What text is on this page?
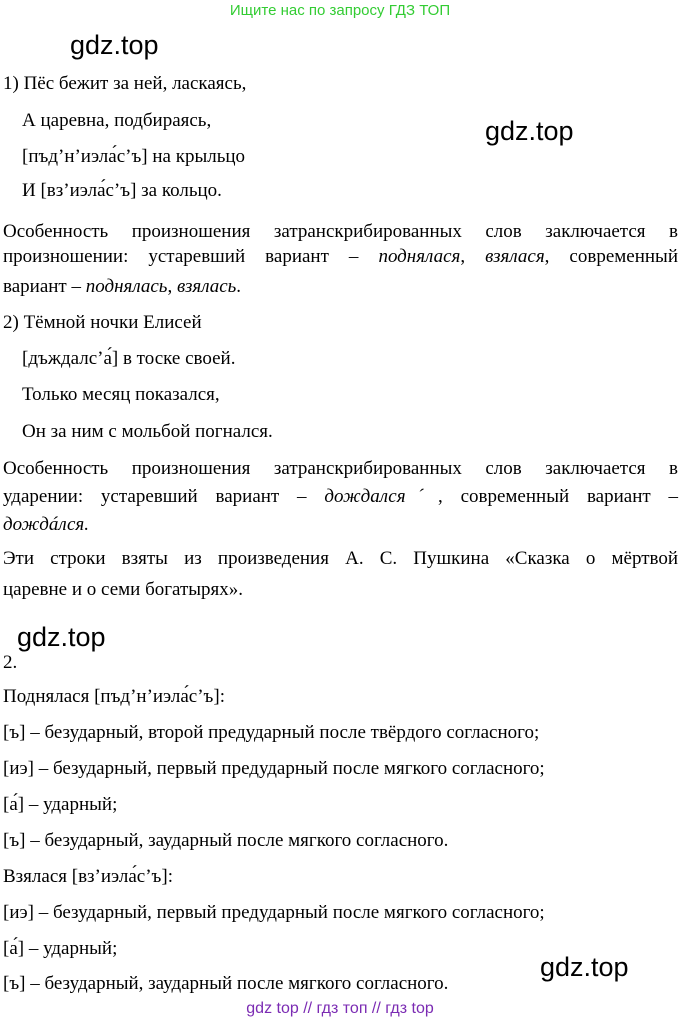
Ищите нас по запросу ГДЗ ТОП
gdz.top
gdz.top
gdz.top
gdz.top
1) Пёс бежит за ней, ласкаясь,
А царевна, подбираясь,
[пъд’н’иэла́с’ъ] на крыльцо
И [вз’иэла́с’ъ] за кольцо.
Особенность произношения затранскрибированных слов заключается в
произношении: устаревший вариант – поднялася, взялася, современный
вариант – поднялась, взялась.
2) Тёмной ночки Елисей
[дъждалс’а́] в тоске своей.
Только месяц показался,
Он за ним с мольбой погнался.
Особенность произношения затранскрибированных слов заключается в
ударении: устаревший вариант – дождалсяˊ, современный вариант –
дождáлся.
Эти строки взяты из произведения А. С. Пушкина «Сказка о мёртвой
царевне и о семи богатырях».
2.
Поднялася [пъд’н’иэла́с’ъ]:
[ъ] – безударный, второй предударный после твёрдого согласного;
[иэ] – безударный, первый предударный после мягкого согласного;
[а́] – ударный;
[ъ] – безударный, заударный после мягкого согласного.
Взялася [вз’иэла́с’ъ]:
[иэ] – безударный, первый предударный после мягкого согласного;
[а́] – ударный;
[ъ] – безударный, заударный после мягкого согласного.
gdz top // гдз топ // гдз top
